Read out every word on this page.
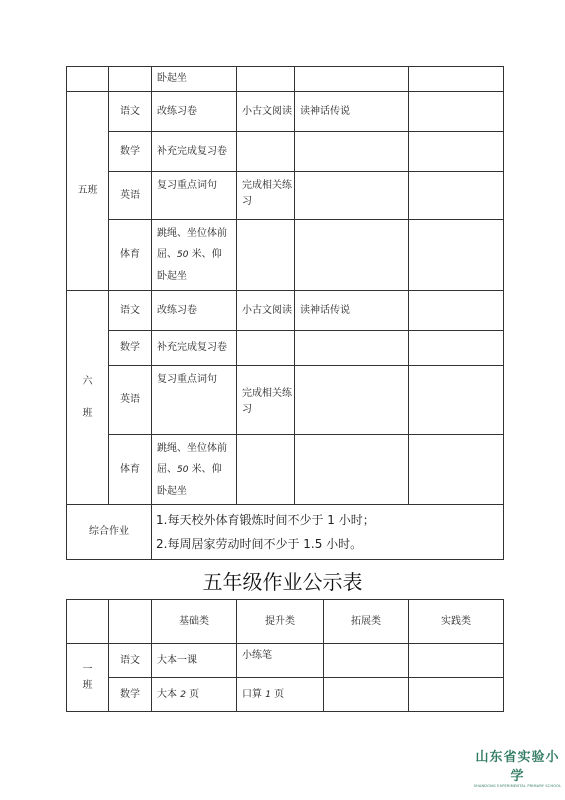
		卧起坐			
五班	语文	改练习卷	小古文阅读	读神话传说	
	数学	补充完成复习卷			
	英语	复习重点词句	完成相关练习		
	体育	跳绳、坐位体前
屈、50 米、仰
卧起坐			
六

班	语文	改练习卷	小古文阅读	读神话传说	
	数学	补充完成复习卷			
	英语	复习重点词句	完成相关练习		
	体育	跳绳、坐位体前
屈、50 米、仰
卧起坐			
综合作业		1.每天校外体育锻炼时间不少于 1 小时；
2.每周居家劳动时间不少于 1.5 小时。			
五年级作业公示表
		基础类	提升类	拓展类	实践类
一
班	语文	大本一课	小练笔		
	数学	大本 2 页	口算 1 页		
山东省实验小学
SHANDONG EXPERIMENTAL PRIMARY SCHOOL
